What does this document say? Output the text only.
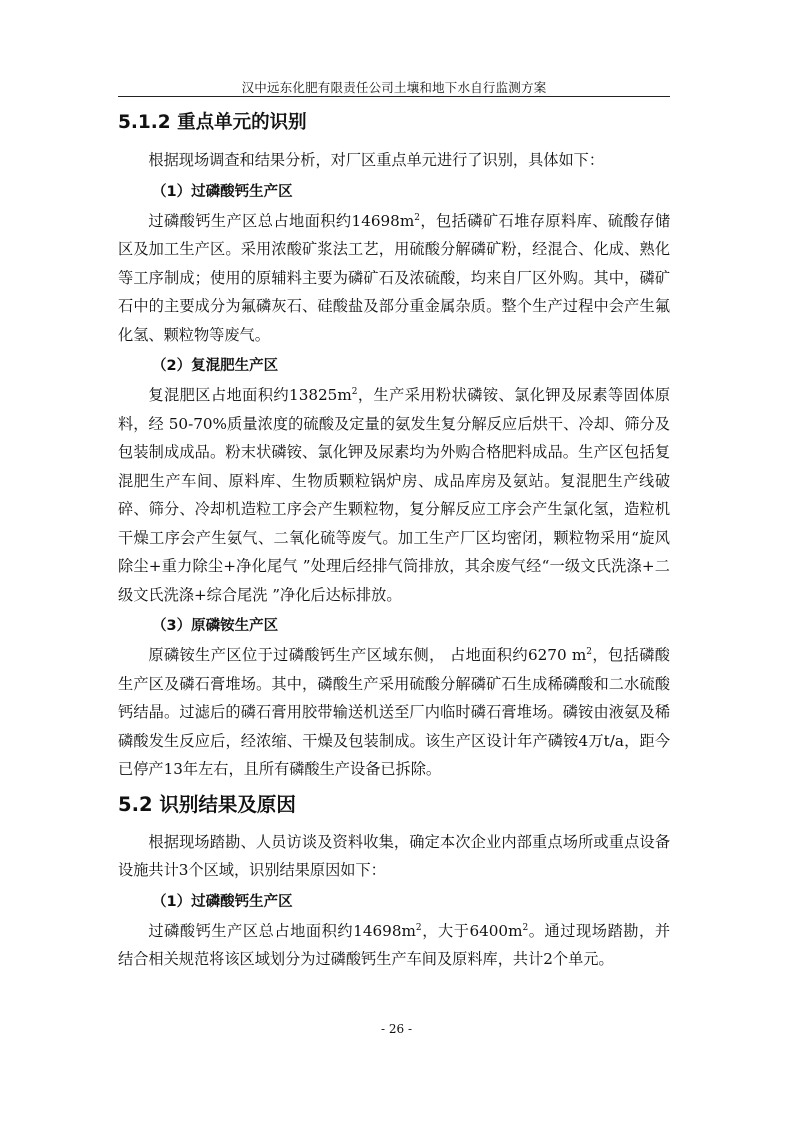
汉中远东化肥有限责任公司土壤和地下水自行监测方案
5.1.2 重点单元的识别

根据现场调查和结果分析，对厂区重点单元进行了识别，具体如下：

（1）过磷酸钙生产区

过磷酸钙生产区总占地面积约$14698m^2$，包括磷矿石堆存原料库、硫酸存储区及加工生产区。采用浓酸矿浆法工艺，用硫酸分解磷矿粉，经混合、化成、熟化等工序制成；使用的原辅料主要为磷矿石及浓硫酸，均来自厂区外购。其中，磷矿石中的主要成分为氟磷灰石、硅酸盐及部分重金属杂质。整个生产过程中会产生氟化氢、颗粒物等废气。

（2）复混肥生产区

复混肥区占地面积约$13825m^2$，生产采用粉状磷铵、氯化钾及尿素等固体原料，经 50-70%质量浓度的硫酸及定量的氨发生复分解反应后烘干、冷却、筛分及包装制成成品。粉末状磷铵、氯化钾及尿素均为外购合格肥料成品。生产区包括复混肥生产车间、原料库、生物质颗粒锅炉房、成品库房及氨站。复混肥生产线破碎、筛分、冷却机造粒工序会产生颗粒物，复分解反应工序会产生氯化氢，造粒机干燥工序会产生氨气、二氧化硫等废气。加工生产厂区均密闭，颗粒物采用“旋风除尘+重力除尘+净化尾气 ”处理后经排气筒排放，其余废气经“一级文氏洗涤+二级文氏洗涤+综合尾洗 ”净化后达标排放。

（3）原磷铵生产区

原磷铵生产区位于过磷酸钙生产区域东侧， 占地面积约6270 $m^2$，包括磷酸生产区及磷石膏堆场。其中，磷酸生产采用硫酸分解磷矿石生成稀磷酸和二水硫酸钙结晶。过滤后的磷石膏用胶带输送机送至厂内临时磷石膏堆场。磷铵由液氨及稀磷酸发生反应后，经浓缩、干燥及包装制成。该生产区设计年产磷铵4万t/a，距今已停产13年左右，且所有磷酸生产设备已拆除。

5.2 识别结果及原因

根据现场踏勘、人员访谈及资料收集，确定本次企业内部重点场所或重点设备设施共计3个区域，识别结果原因如下：

（1）过磷酸钙生产区

过磷酸钙生产区总占地面积约$14698m^2$，大于$6400m^2$。通过现场踏勘，并结合相关规范将该区域划分为过磷酸钙生产车间及原料库，共计2个单元。

- 26 -
